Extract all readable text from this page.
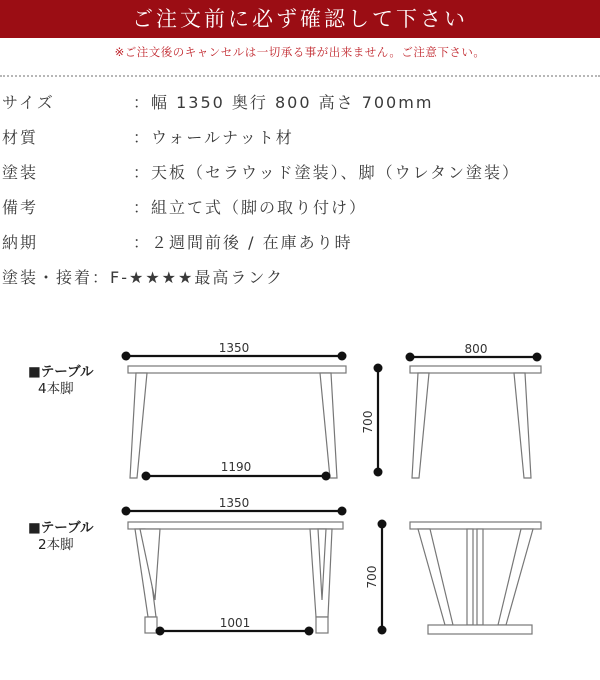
ご注文前に必ず確認して下さい
※ご注文後のキャンセルは一切承る事が出来ません。ご注意下さい。
サイズ	：幅 1350 奥行 800 高さ 700mm
材質	：ウォールナット材
塗装	：天板（セラウッド塗装）、脚（ウレタン塗装）
備考	：組立て式（脚の取り付け）
納期	：２週間前後 / 在庫あり時
塗装・接着：F-★★★★最高ランク
■テーブル
4本脚
■テーブル
2本脚
1350
1190
700
800
1350
1001
700
